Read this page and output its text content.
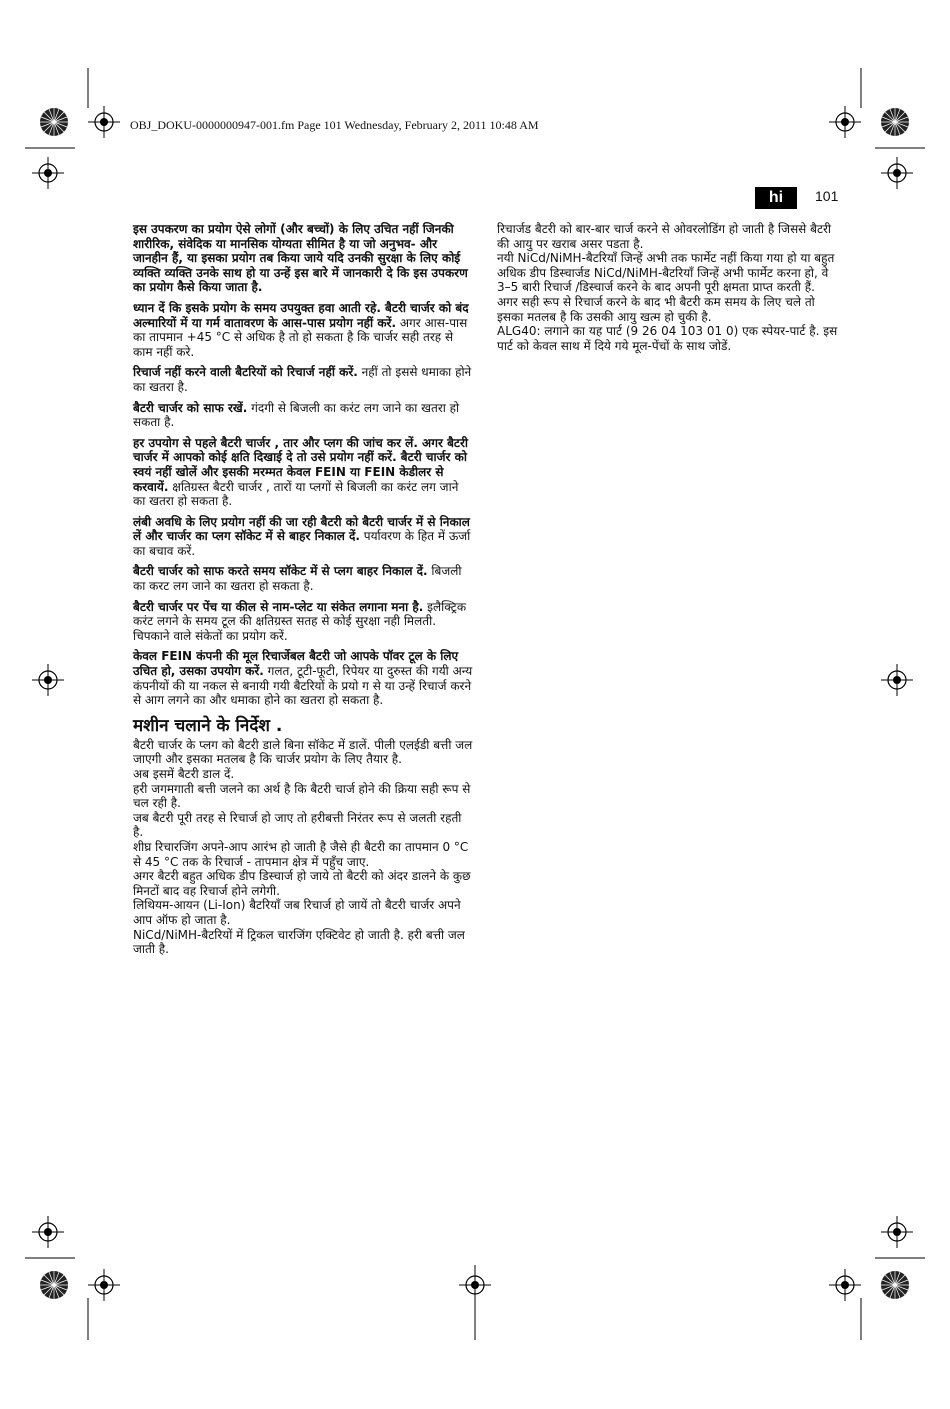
OBJ_DOKU-0000000947-001.fm Page 101 Wednesday, February 2, 2011 10:48 AM
hi	101

इस उपकरण का प्रयोग ऐसे लोगों (और बच्चों) के लिए उचित नहीं जिनकी शारीरिक, संवेदिक या मानसिक योग्यता सीमित है या जो अनुभव- और जानहीन हैं, या इसका प्रयोग तब किया जाये यदि उनकी सुरक्षा के लिए कोई व्यक्ति व्यक्ति उनके साथ हो या उन्हें इस बारे में जानकारी दे कि इस उपकरण का प्रयोग कैसे किया जाता है.

ध्यान दें कि इसके प्रयोग के समय उपयुक्त हवा आती रहे. बैटरी चार्जर को बंद अल्मारियों में या गर्म वातावरण के आस-पास प्रयोग नहीं करें. अगर आस-पास का तापमान +45 °C से अधिक है तो हो सकता है कि चार्जर सही तरह से काम नहीं करे.

रिचार्ज नहीं करने वाली बैटरियों को रिचार्ज नहीं करें. नहीं तो इससे धमाका होने का खतरा है.

बैटरी चार्जर को साफ रखें. गंदगी से बिजली का करंट लग जाने का खतरा हो सकता है.

हर उपयोग से पहले बैटरी चार्जर , तार और प्लग की जांच कर लें. अगर बैटरी चार्जर में आपको कोई क्षति दिखाई दे तो उसे प्रयोग नहीं करें. बैटरी चार्जर को स्वयं नहीं खोलें और इसकी मरम्मत केवल FEIN या FEIN केडीलर से करवायें. क्षतिग्रस्त बैटरी चार्जर , तारों या प्लगों से बिजली का करंट लग जाने का खतरा हो सकता है.

लंबी अवधि के लिए प्रयोग नहीं की जा रही बैटरी को बैटरी चार्जर में से निकाल लें और चार्जर का प्लग सॉकेट में से बाहर निकाल दें. पर्यावरण के हित में ऊर्जा का बचाव करें.

बैटरी चार्जर को साफ करते समय सॉकेट में से प्लग बाहर निकाल दें. बिजली का करट लग जाने का खतरा हो सकता है.

बैटरी चार्जर पर पेंच या कील से नाम-प्लेट या संकेत लगाना मना है. इलैक्ट्रिक करंट लगने के समय टूल की क्षतिग्रस्त सतह से कोई सुरक्षा नही मिलती. चिपकाने वाले संकेतों का प्रयोग करें.

केवल FEIN कंपनी की मूल रिचार्जेबल बैटरी जो आपके पॉवर टूल के लिए उचित हो, उसका उपयोग करें. गलत, टूटी-फूटी, रिपेयर या दुरुस्त की गयी अन्य कंपनीयों की या नकल से बनायी गयी बैटरियों के प्रयो ग से या उन्हें रिचार्ज करने से आग लगने का और धमाका होने का खतरा हो सकता है.

मशीन चलाने के निर्देश .

बैटरी चार्जर के प्लग को बैटरी डाले बिना सॉकेट में डालें. पीली एलईडी बत्ती जल जाएगी और इसका मतलब है कि चार्जर प्रयोग के लिए तैयार है.

अब इसमें बैटरी डाल दें.

हरी जगमगाती बत्ती जलने का अर्थ है कि बैटरी चार्ज होने की क्रिया सही रूप से चल रही है.

जब बैटरी पूरी तरह से रिचार्ज हो जाए तो हरीबत्ती निरंतर रूप से जलती रहती है.

शीघ्र रिचारजिंग अपने-आप आरंभ हो जाती है जैसे ही बैटरी का तापमान 0 °C से 45 °C तक के रिचार्ज - तापमान क्षेत्र में पहुँच जाए.

अगर बैटरी बहुत अधिक डीप डिस्चार्ज हो जाये तो बैटरी को अंदर डालने के कुछ मिनटों बाद वह रिचार्ज होने लगेगी.

लिथियम-आयन (Li-Ion) बैटरियाँ जब रिचार्ज हो जायें तो बैटरी चार्जर अपने आप ऑफ हो जाता है.

NiCd/NiMH-बैटरियों में ट्रिकल चारजिंग एक्टिवेट हो जाती है. हरी बत्ती जल जाती है.

रिचार्जड बैटरी को बार-बार चार्ज करने से ओवरलोडिंग हो जाती है जिससे बैटरी की आयु पर खराब असर पडता है.

नयी NiCd/NiMH-बैटरियाँ जिन्हें अभी तक फार्मेट नहीं किया गया हो या बहुत अधिक डीप डिस्चार्जड NiCd/NiMH-बैटरियाँ जिन्हें अभी फार्मेट करना हो, वे 3–5 बारी रिचार्ज /डिस्चार्ज करने के बाद अपनी पूरी क्षमता प्राप्त करती हैं.

अगर सही रूप से रिचार्ज करने के बाद भी बैटरी कम समय के लिए चले तो इसका मतलब है कि उसकी आयु खत्म हो चुकी है.

ALG40: लगाने का यह पार्ट (9 26 04 103 01 0) एक स्पेयर-पार्ट है. इस पार्ट को केवल साथ में दिये गये मूल-पेंचों के साथ जोडें.
